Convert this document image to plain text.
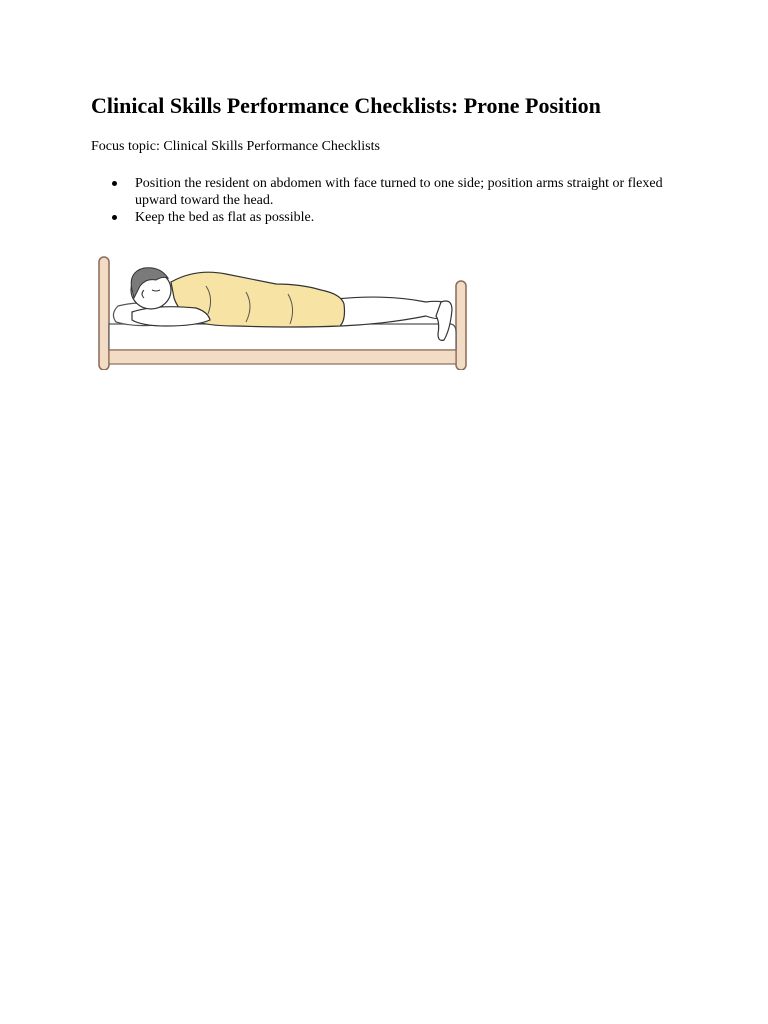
Clinical Skills Performance Checklists: Prone Position

Focus topic: Clinical Skills Performance Checklists

Position the resident on abdomen with face turned to one side; position arms straight or flexed upward toward the head.
Keep the bed as flat as possible.
